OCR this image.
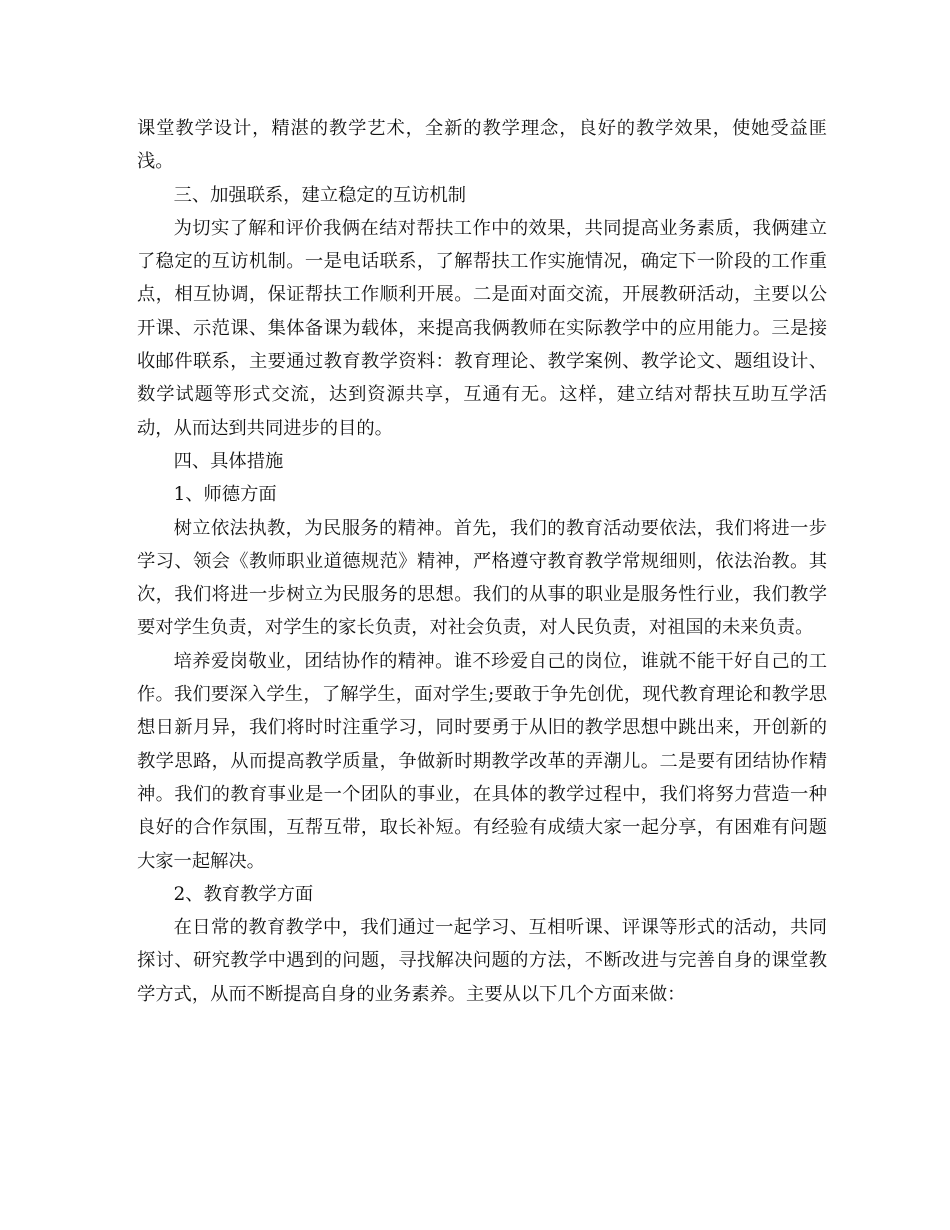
课堂教学设计，精湛的教学艺术，全新的教学理念，良好的教学效果，使她受益匪浅。

三、加强联系，建立稳定的互访机制

为切实了解和评价我俩在结对帮扶工作中的效果，共同提高业务素质，我俩建立了稳定的互访机制。一是电话联系，了解帮扶工作实施情况，确定下一阶段的工作重点，相互协调，保证帮扶工作顺利开展。二是面对面交流，开展教研活动，主要以公开课、示范课、集体备课为载体，来提高我俩教师在实际教学中的应用能力。三是接收邮件联系，主要通过教育教学资料：教育理论、教学案例、教学论文、题组设计、数学试题等形式交流，达到资源共享，互通有无。这样，建立结对帮扶互助互学活动，从而达到共同进步的目的。

四、具体措施

1、师德方面

树立依法执教，为民服务的精神。首先，我们的教育活动要依法，我们将进一步学习、领会《教师职业道德规范》精神，严格遵守教育教学常规细则，依法治教。其次，我们将进一步树立为民服务的思想。我们的从事的职业是服务性行业，我们教学要对学生负责，对学生的家长负责，对社会负责，对人民负责，对祖国的未来负责。

培养爱岗敬业，团结协作的精神。谁不珍爱自己的岗位，谁就不能干好自己的工作。我们要深入学生，了解学生，面对学生;要敢于争先创优，现代教育理论和教学思想日新月异，我们将时时注重学习，同时要勇于从旧的教学思想中跳出来，开创新的教学思路，从而提高教学质量，争做新时期教学改革的弄潮儿。二是要有团结协作精神。我们的教育事业是一个团队的事业，在具体的教学过程中，我们将努力营造一种良好的合作氛围，互帮互带，取长补短。有经验有成绩大家一起分享，有困难有问题大家一起解决。

2、教育教学方面

在日常的教育教学中，我们通过一起学习、互相听课、评课等形式的活动，共同探讨、研究教学中遇到的问题，寻找解决问题的方法，不断改进与完善自身的课堂教学方式，从而不断提高自身的业务素养。主要从以下几个方面来做：
